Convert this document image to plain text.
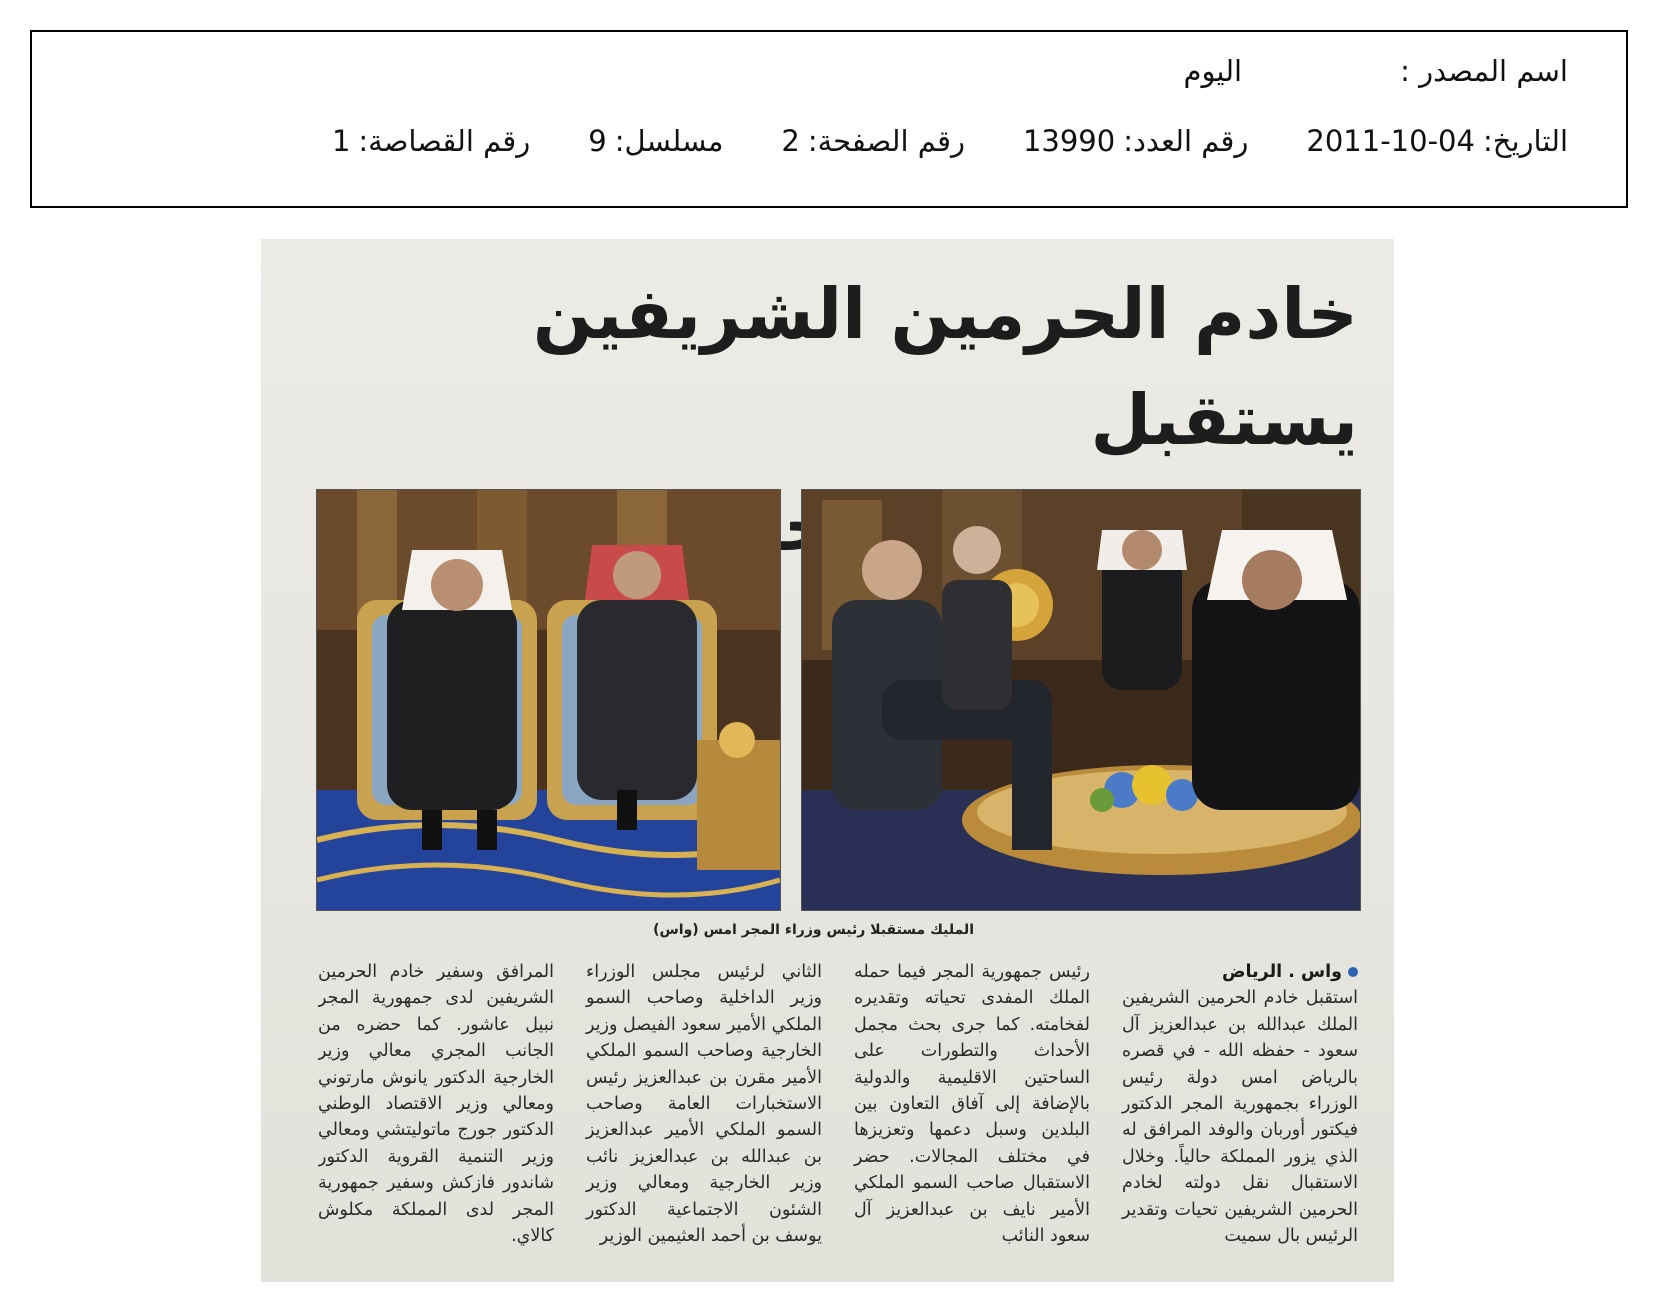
اسم المصدر :
اليوم
التاريخ:
2011-10-04
رقم العدد:
13990
رقم الصفحة:
2
مسلسل:
9
رقم القصاصة:
1
خادم الحرمين الشريفين يستقبل
المليك مستقبلا رئيس وزراء المجر امس (واس)
واس . الرياض

استقبل خادم الحرمين الشريفين الملك عبدالله بن عبدالعزيز آل سعود - حفظه الله - في قصره بالرياض امس دولة رئيس الوزراء بجمهورية المجر الدكتور فيكتور أوربان والوفد المرافق له الذي يزور المملكة حالياً. وخلال الاستقبال نقل دولته لخادم الحرمين الشريفين تحيات وتقدير الرئيس بال سميت

رئيس جمهورية المجر فيما حمله الملك المفدى تحياته وتقديره لفخامته. كما جرى بحث مجمل الأحداث والتطورات على الساحتين الاقليمية والدولية بالإضافة إلى آفاق التعاون بين البلدين وسبل دعمها وتعزيزها في مختلف المجالات. حضر الاستقبال صاحب السمو الملكي الأمير نايف بن عبدالعزيز آل سعود النائب

الثاني لرئيس مجلس الوزراء وزير الداخلية وصاحب السمو الملكي الأمير سعود الفيصل وزير الخارجية وصاحب السمو الملكي الأمير مقرن بن عبدالعزيز رئيس الاستخبارات العامة وصاحب السمو الملكي الأمير عبدالعزيز بن عبدالله بن عبدالعزيز نائب وزير الخارجية ومعالي وزير الشئون الاجتماعية الدكتور يوسف بن أحمد العثيمين الوزير

المرافق وسفير خادم الحرمين الشريفين لدى جمهورية المجر نبيل عاشور. كما حضره من الجانب المجري معالي وزير الخارجية الدكتور يانوش مارتوني ومعالي وزير الاقتصاد الوطني الدكتور جورج ماتوليتشي ومعالي وزير التنمية القروية الدكتور شاندور فازكش وسفير جمهورية المجر لدى المملكة مكلوش كالاي.
